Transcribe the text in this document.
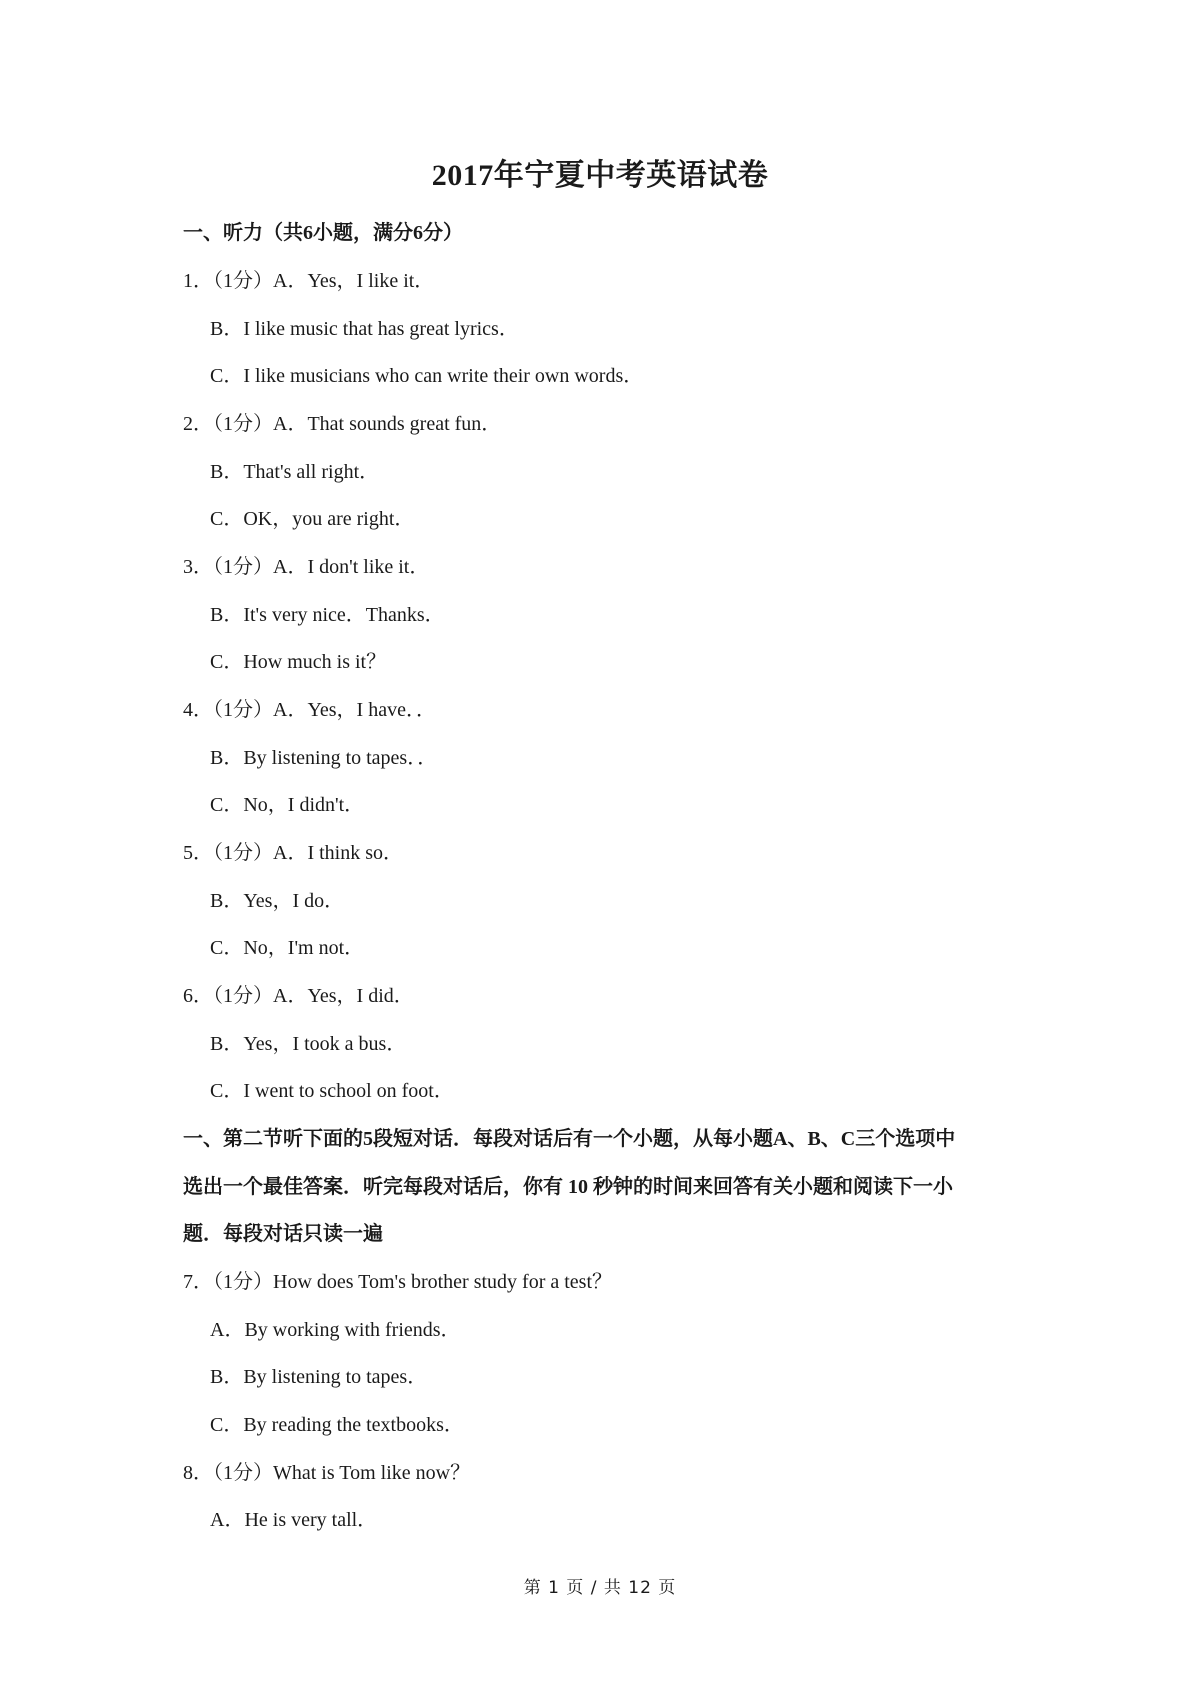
2017年宁夏中考英语试卷
一、听力（共6小题，满分6分）
1．（1分）A．Yes，I like it．
B．I like music that has great lyrics．
C．I like musicians who can write their own words．
2．（1分）A．That sounds great fun．
B．That's all right．
C．OK，you are right．
3．（1分）A．I don't like it．
B．It's very nice．Thanks．
C．How much is it？
4．（1分）A．Yes，I have．．
B．By listening to tapes．．
C．No，I didn't．
5．（1分）A．I think so．
B．Yes，I do．
C．No，I'm not．
6．（1分）A．Yes，I did．
B．Yes，I took a bus．
C．I went to school on foot．
一、第二节听下面的5段短对话．每段对话后有一个小题，从每小题A、B、C三个选项中
选出一个最佳答案．听完每段对话后，你有 10 秒钟的时间来回答有关小题和阅读下一小
题．每段对话只读一遍
7．（1分）How does Tom's brother study for a test？
A．By working with friends．
B．By listening to tapes．
C．By reading the textbooks．
8．（1分）What is Tom like now？
A．He is very tall．
第 1 页 / 共 12 页
